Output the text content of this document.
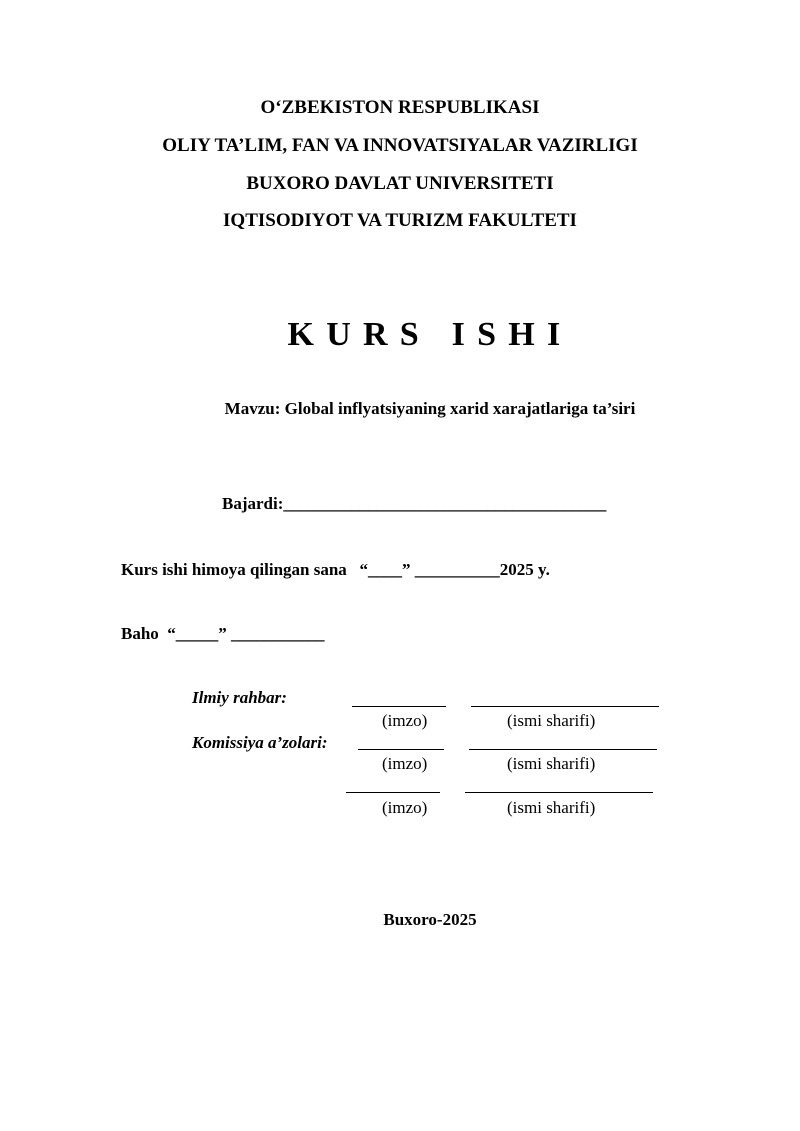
O‘ZBEKISTON RESPUBLIKASI
OLIY TA’LIM, FAN VA INNOVATSIYALAR VAZIRLIGI
BUXORO DAVLAT UNIVERSITETI
IQTISODIYOT VA TURIZM FAKULTETI
KURS ISHI
Mavzu: Global inflyatsiyaning xarid xarajatlariga ta’siri
Bajardi:______________________________________
Kurs ishi himoya qilingan sana   “____” __________2025 y.
Baho  “_____” ___________
Ilmiy rahbar:
(imzo)	(ismi sharifi)
Komissiya a’zolari:
(imzo)	(ismi sharifi)
(imzo)	(ismi sharifi)
Buxoro-2025
